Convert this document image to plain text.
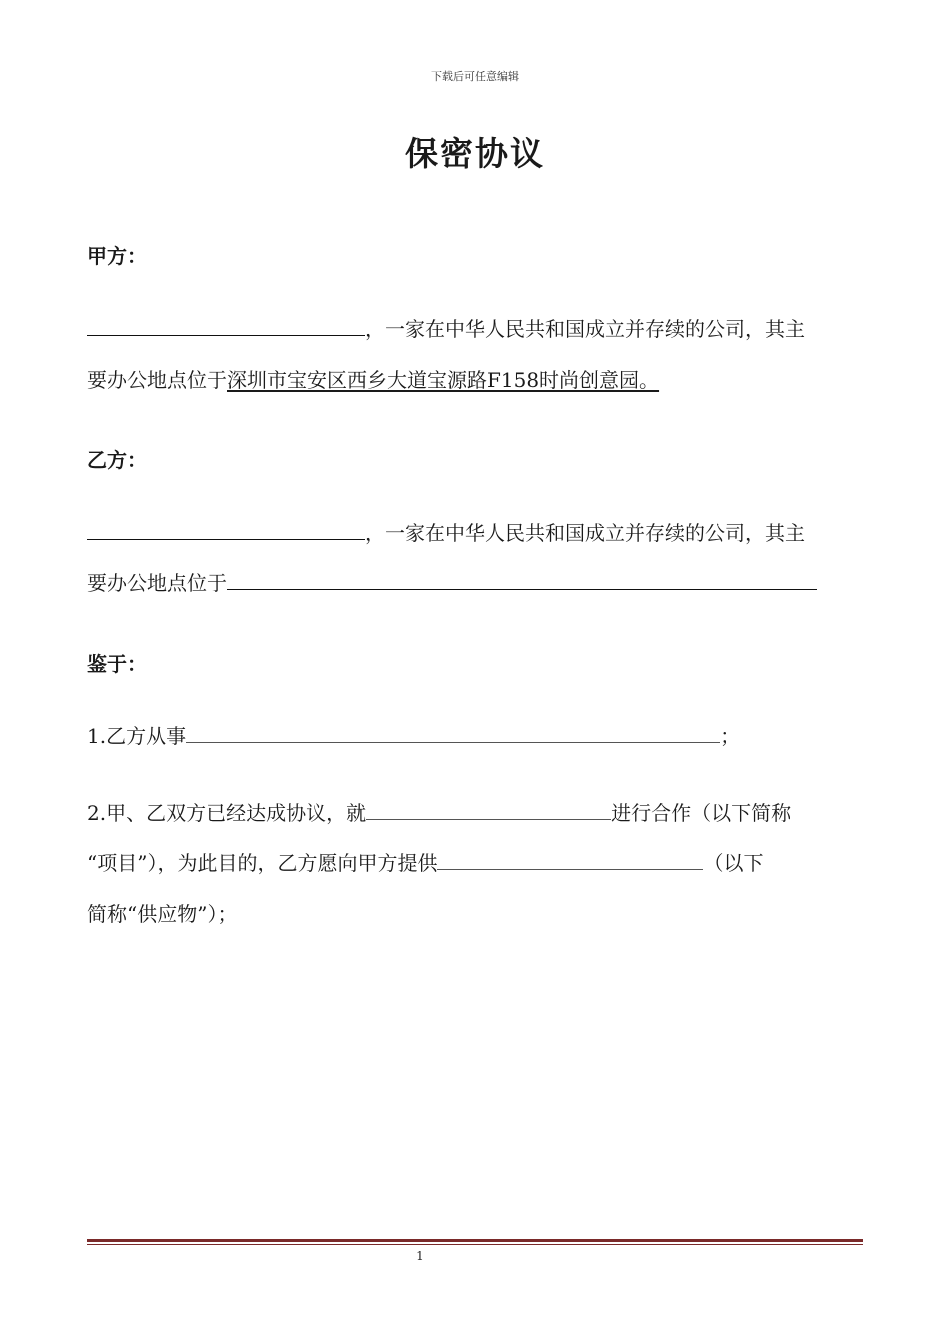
下载后可任意编辑
保密协议
甲方：
，一家在中华人民共和国成立并存续的公司，其主
要办公地点位于深圳市宝安区西乡大道宝源路F158时尚创意园。
乙方：
，一家在中华人民共和国成立并存续的公司，其主
要办公地点位于
鉴于：
1.乙方从事	；
2.甲、乙双方已经达成协议，就	进行合作（以下简称
“项目”），为此目的，乙方愿向甲方提供	（以下
简称“供应物”）；
1
